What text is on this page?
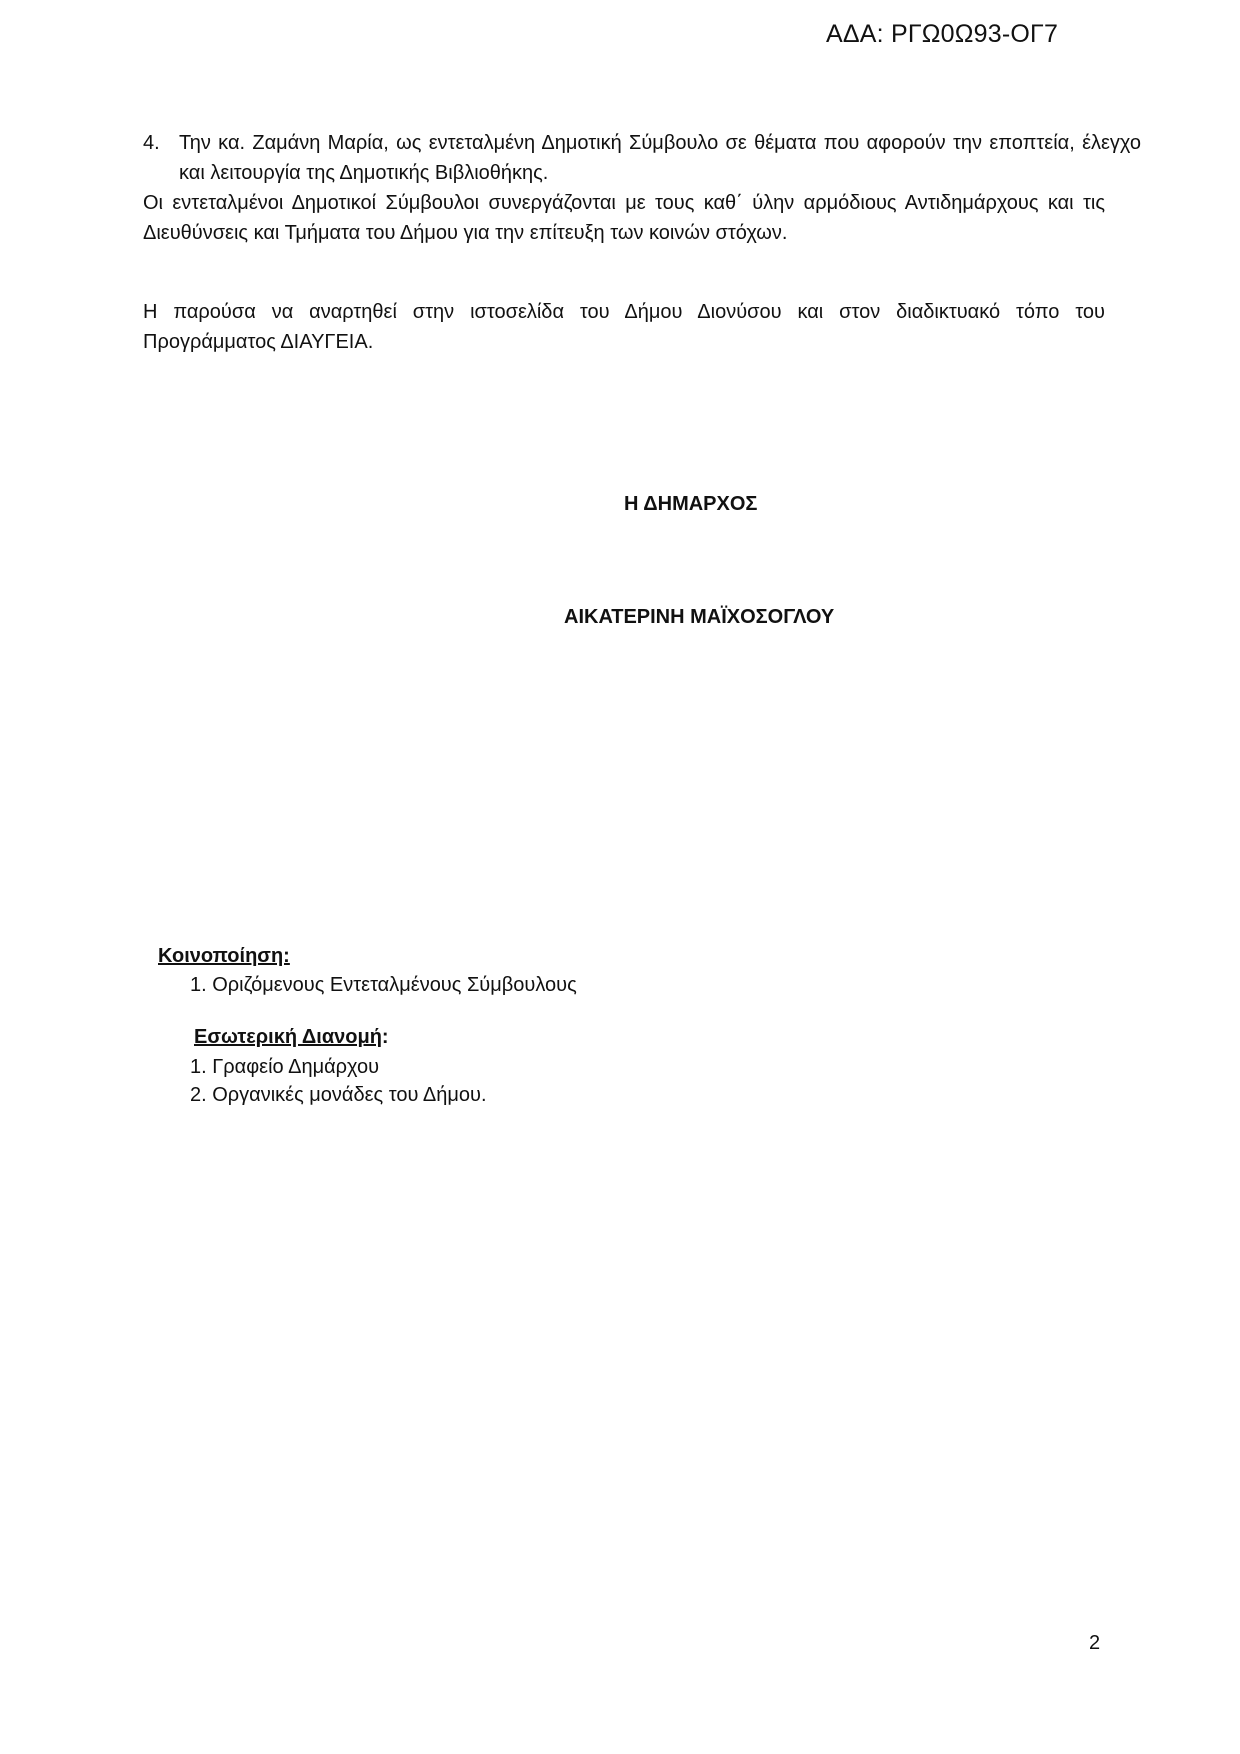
ΑΔΑ: ΡΓΩ0Ω93-ΟΓ7
4. Την κα. Ζαμάνη Μαρία, ως εντεταλμένη Δημοτική Σύμβουλο σε θέματα που αφορούν την εποπτεία, έλεγχο και λειτουργία της Δημοτικής Βιβλιοθήκης.
Οι εντεταλμένοι Δημοτικοί Σύμβουλοι συνεργάζονται με τους καθ΄ ύλην αρμόδιους Αντιδημάρχους και τις Διευθύνσεις και Τμήματα του Δήμου για την επίτευξη των κοινών στόχων.
Η παρούσα να αναρτηθεί στην ιστοσελίδα του Δήμου Διονύσου και στον διαδικτυακό τόπο του Προγράμματος ΔΙΑΥΓΕΙΑ.
Η ΔΗΜΑΡΧΟΣ
ΑΙΚΑΤΕΡΙΝΗ ΜΑΪΧΟΣΟΓΛΟΥ
Κοινοποίηση:
1. Οριζόμενους Εντεταλμένους Σύμβουλους
Εσωτερική Διανομή:
1. Γραφείο Δημάρχου
2. Οργανικές μονάδες του Δήμου.
2
